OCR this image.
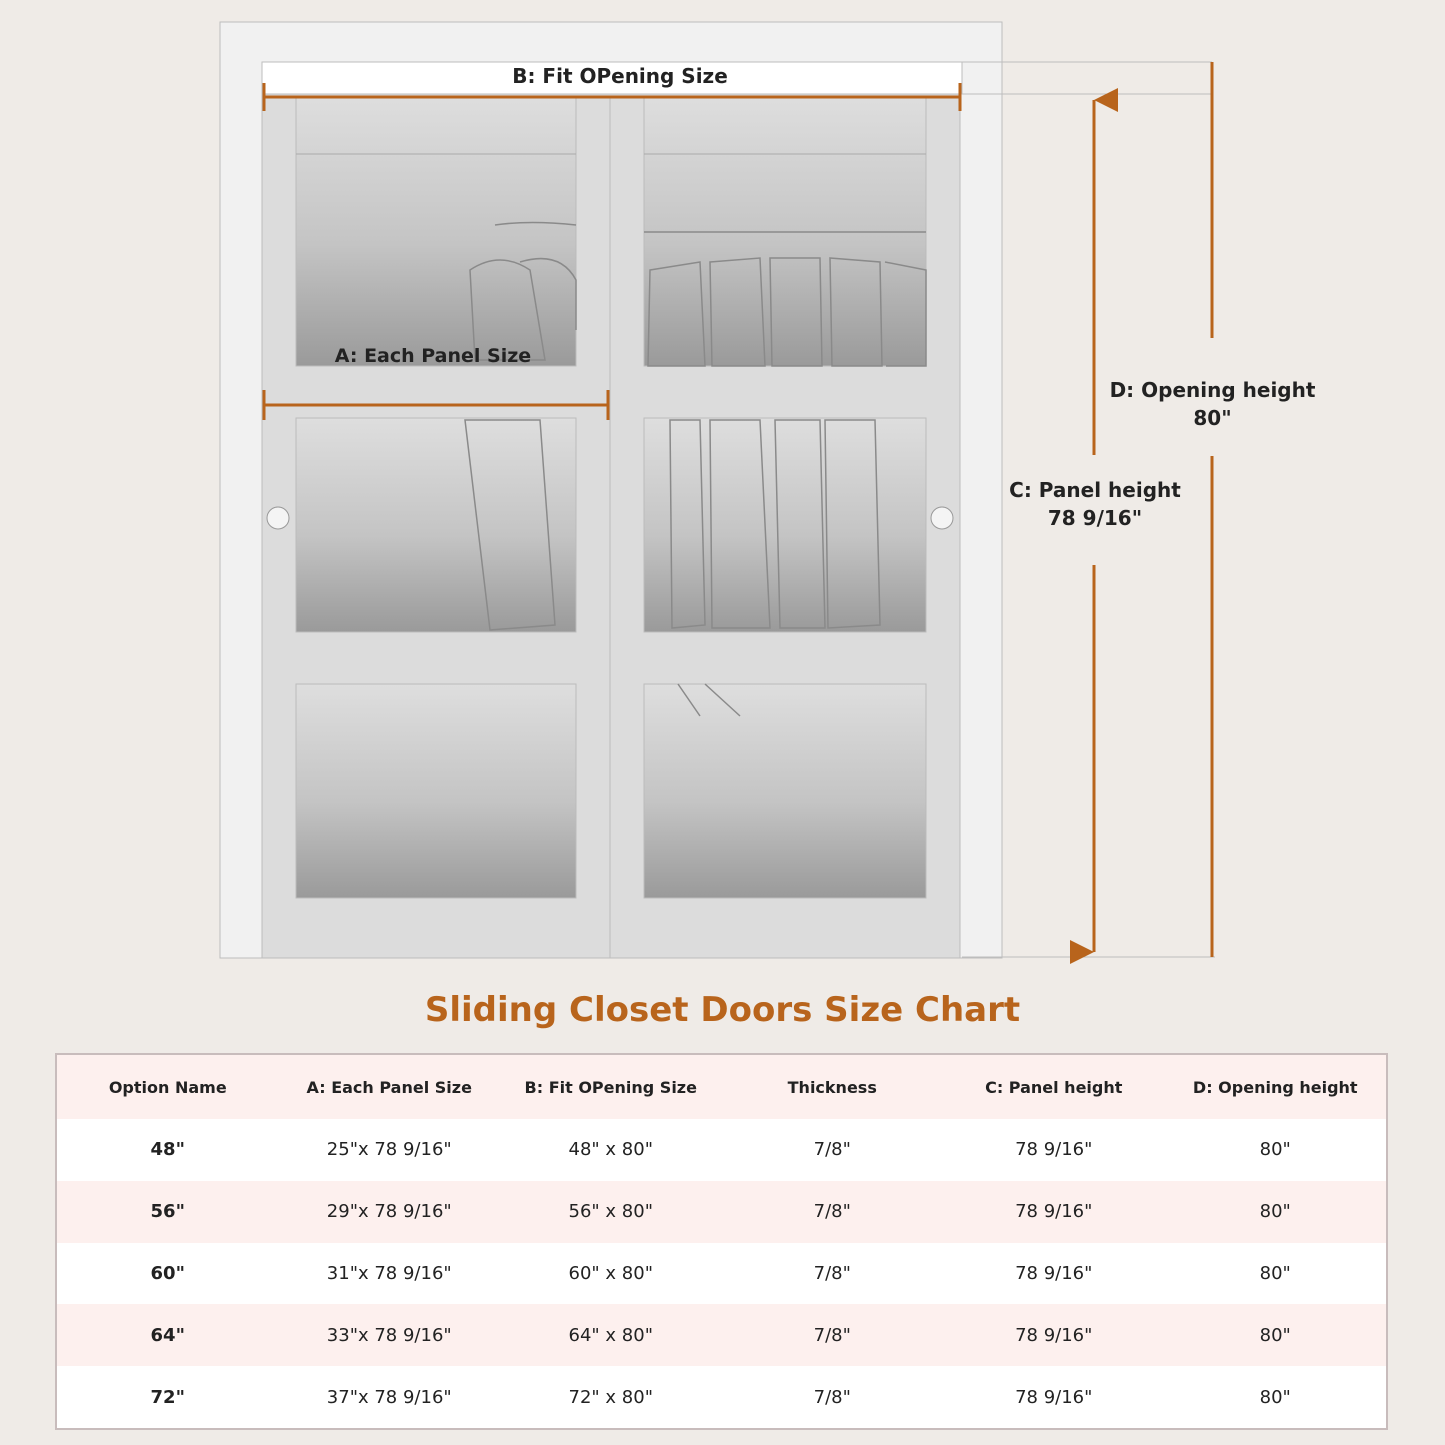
B: Fit OPening Size
A: Each Panel Size
C: Panel height
78 9/16"
D: Opening height
80"
Sliding Closet Doors Size Chart
Option Name	A: Each Panel Size	B: Fit OPening Size	Thickness	C: Panel height	D: Opening height
48"	25"x 78 9/16"	48" x 80"	7/8"	78 9/16"	80"
56"	29"x 78 9/16"	56" x 80"	7/8"	78 9/16"	80"
60"	31"x 78 9/16"	60" x 80"	7/8"	78 9/16"	80"
64"	33"x 78 9/16"	64" x 80"	7/8"	78 9/16"	80"
72"	37"x 78 9/16"	72" x 80"	7/8"	78 9/16"	80"
